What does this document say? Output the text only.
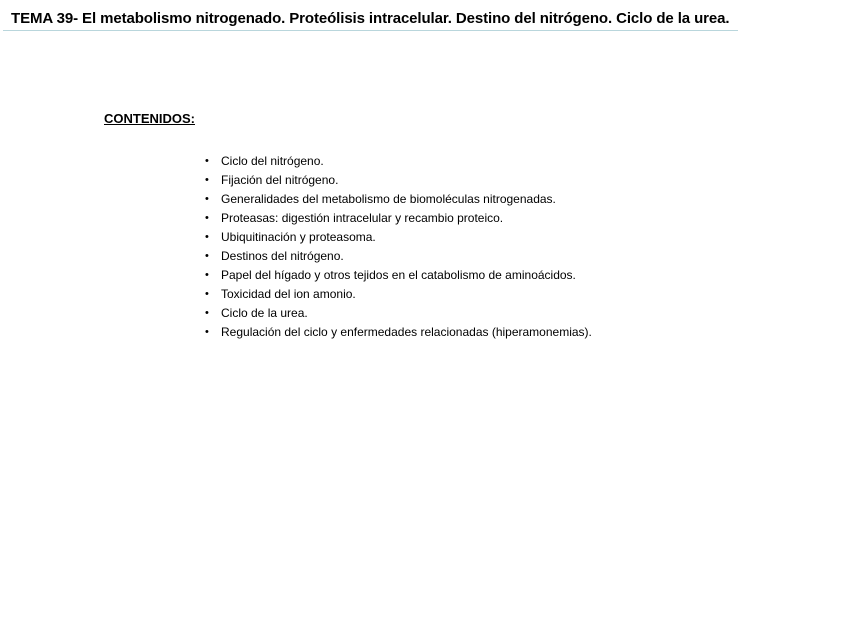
TEMA 39- El metabolismo nitrogenado. Proteólisis intracelular. Destino del nitrógeno. Ciclo de la urea.
CONTENIDOS:
• Ciclo del nitrógeno.
• Fijación del nitrógeno.
• Generalidades del metabolismo de biomoléculas nitrogenadas.
• Proteasas: digestión intracelular y recambio proteico.
• Ubiquitinación y proteasoma.
• Destinos del nitrógeno.
• Papel del hígado y otros tejidos en el catabolismo de aminoácidos.
• Toxicidad del ion amonio.
• Ciclo de la urea.
• Regulación del ciclo y enfermedades relacionadas (hiperamonemias).
